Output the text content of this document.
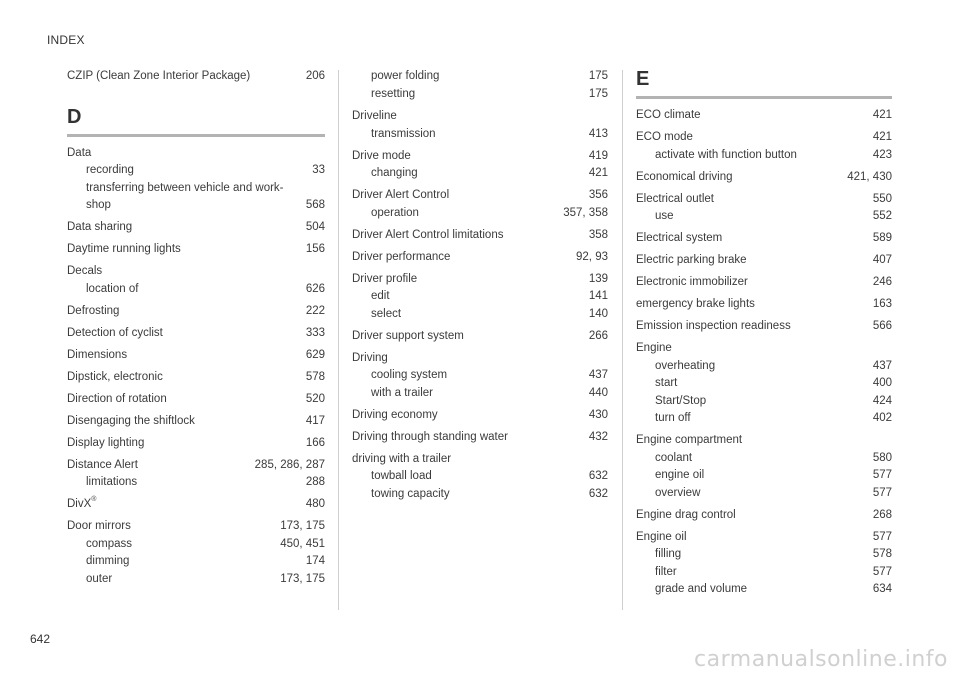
INDEX
CZIP (Clean Zone Interior Package)	206
D
Data
recording	33
transferring between vehicle and work-
shop	568
Data sharing	504
Daytime running lights	156
Decals
location of	626
Defrosting	222
Detection of cyclist	333
Dimensions	629
Dipstick, electronic	578
Direction of rotation	520
Disengaging the shiftlock	417
Display lighting	166
Distance Alert	285, 286, 287
limitations	288
DivX®	480
Door mirrors	173, 175
compass	450, 451
dimming	174
outer	173, 175
power folding	175
resetting	175
Driveline
transmission	413
Drive mode	419
changing	421
Driver Alert Control	356
operation	357, 358
Driver Alert Control limitations	358
Driver performance	92, 93
Driver profile	139
edit	141
select	140
Driver support system	266
Driving
cooling system	437
with a trailer	440
Driving economy	430
Driving through standing water	432
driving with a trailer
towball load	632
towing capacity	632
E
ECO climate	421
ECO mode	421
activate with function button	423
Economical driving	421, 430
Electrical outlet	550
use	552
Electrical system	589
Electric parking brake	407
Electronic immobilizer	246
emergency brake lights	163
Emission inspection readiness	566
Engine
overheating	437
start	400
Start/Stop	424
turn off	402
Engine compartment
coolant	580
engine oil	577
overview	577
Engine drag control	268
Engine oil	577
filling	578
filter	577
grade and volume	634
642
carmanualsonline.info
